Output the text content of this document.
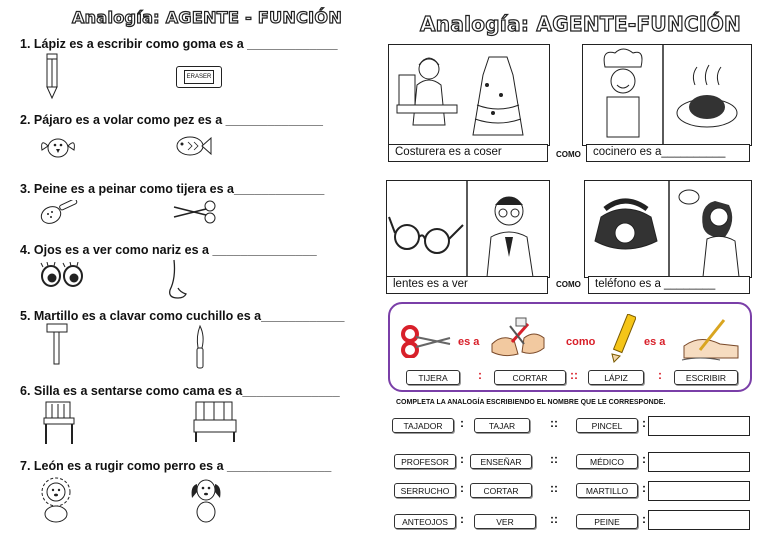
Analogía: AGENTE - FUNCIÓN
1. Lápiz es a escribir como goma es a _____________
2. Pájaro es a volar como pez es a ______________
3. Peine es a peinar como tijera es a_____________
4. Ojos es a ver como nariz es a _______________
5. Martillo es a clavar como cuchillo es a____________
6. Silla es a sentarse como cama es a______________
7. León es a rugir como perro es a _______________
ERASER
Analogía: AGENTE-FUNCIÓN
Costurera es a coser	COMO	cocinero es a__________
lentes es a ver	COMO	teléfono es a ________
es a	como	es a
TIJERA	:	CORTAR	::	LÁPIZ	:	ESCRIBIR
COMPLETA LA ANALOGÍA ESCRIBIENDO EL NOMBRE QUE LE CORRESPONDE.
TAJADOR	:	TAJAR	::	PINCEL	:
PROFESOR :	ENSEÑAR	::	MÉDICO	:
SERRUCHO :	CORTAR	::	MARTILLO	:
ANTEOJOS	:	VER	::	PEINE	:
